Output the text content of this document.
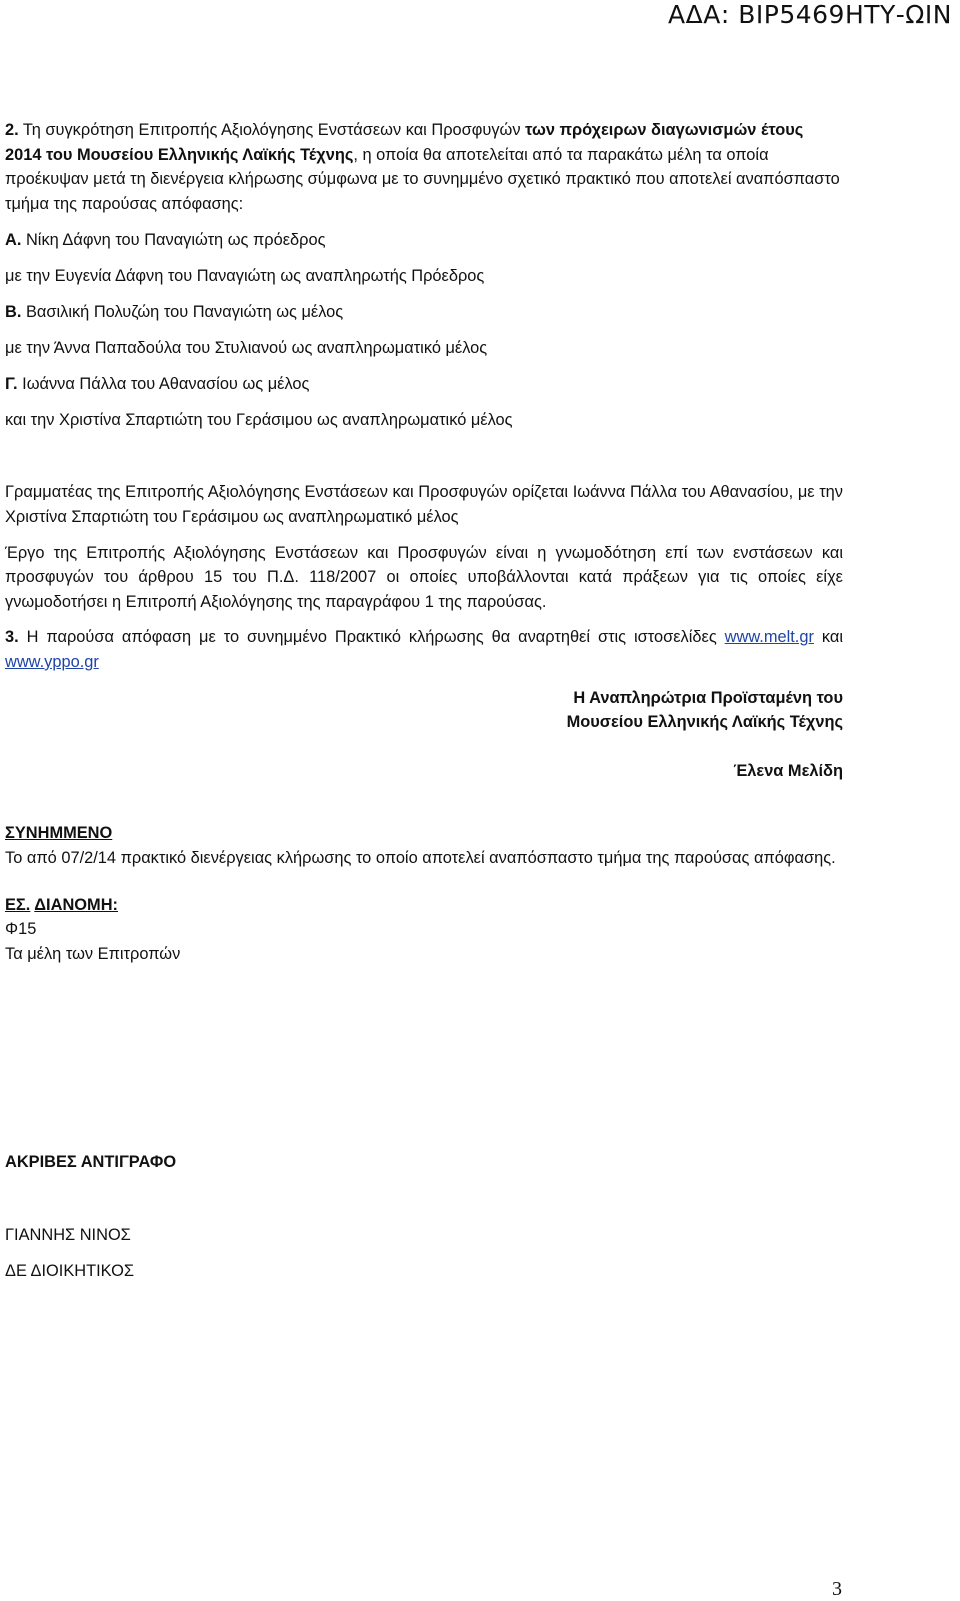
ΑΔΑ: ΒΙΡ5469ΗΤΥ-ΩΙΝ

2. Τη συγκρότηση Επιτροπής Αξιολόγησης Ενστάσεων και Προσφυγών των πρόχειρων διαγωνισμών έτους 2014 του Μουσείου Ελληνικής Λαϊκής Τέχνης, η οποία θα αποτελείται από τα παρακάτω μέλη τα οποία προέκυψαν μετά τη διενέργεια κλήρωσης σύμφωνα με το συνημμένο σχετικό πρακτικό που αποτελεί αναπόσπαστο τμήμα της παρούσας απόφασης:

Α. Νίκη Δάφνη του Παναγιώτη ως πρόεδρος

με την Ευγενία Δάφνη του Παναγιώτη ως αναπληρωτής Πρόεδρος

Β. Βασιλική Πολυζώη του Παναγιώτη ως μέλος

με την Άννα Παπαδούλα του Στυλιανού ως αναπληρωματικό μέλος

Γ. Ιωάννα Πάλλα του Αθανασίου ως μέλος

και την Χριστίνα Σπαρτιώτη του Γεράσιμου ως αναπληρωματικό μέλος

Γραμματέας της Επιτροπής Αξιολόγησης Ενστάσεων και Προσφυγών ορίζεται Ιωάννα Πάλλα του Αθανασίου, με την Χριστίνα Σπαρτιώτη του Γεράσιμου ως αναπληρωματικό μέλος

Έργο της Επιτροπής Αξιολόγησης Ενστάσεων και Προσφυγών είναι η γνωμοδότηση επί των ενστάσεων και προσφυγών του άρθρου 15 του Π.Δ. 118/2007 οι οποίες υποβάλλονται κατά πράξεων για τις οποίες είχε γνωμοδοτήσει η Επιτροπή Αξιολόγησης της παραγράφου 1 της παρούσας.

3. Η παρούσα απόφαση με το συνημμένο Πρακτικό κλήρωσης θα αναρτηθεί στις ιστοσελίδες www.melt.gr και www.yppo.gr

Η Αναπληρώτρια Προϊσταμένη του

Μουσείου Ελληνικής Λαϊκής Τέχνης

Έλενα Μελίδη

ΣΥΝΗΜΜΕΝΟ

Το από 07/2/14 πρακτικό διενέργειας κλήρωσης το οποίο αποτελεί αναπόσπαστο τμήμα της παρούσας απόφασης.

ΕΣ. ΔΙΑΝΟΜΗ:

Φ15

Τα μέλη των Επιτροπών

ΑΚΡΙΒΕΣ ΑΝΤΙΓΡΑΦΟ

ΓΙΑΝΝΗΣ ΝΙΝΟΣ

ΔΕ ΔΙΟΙΚΗΤΙΚΟΣ

3
